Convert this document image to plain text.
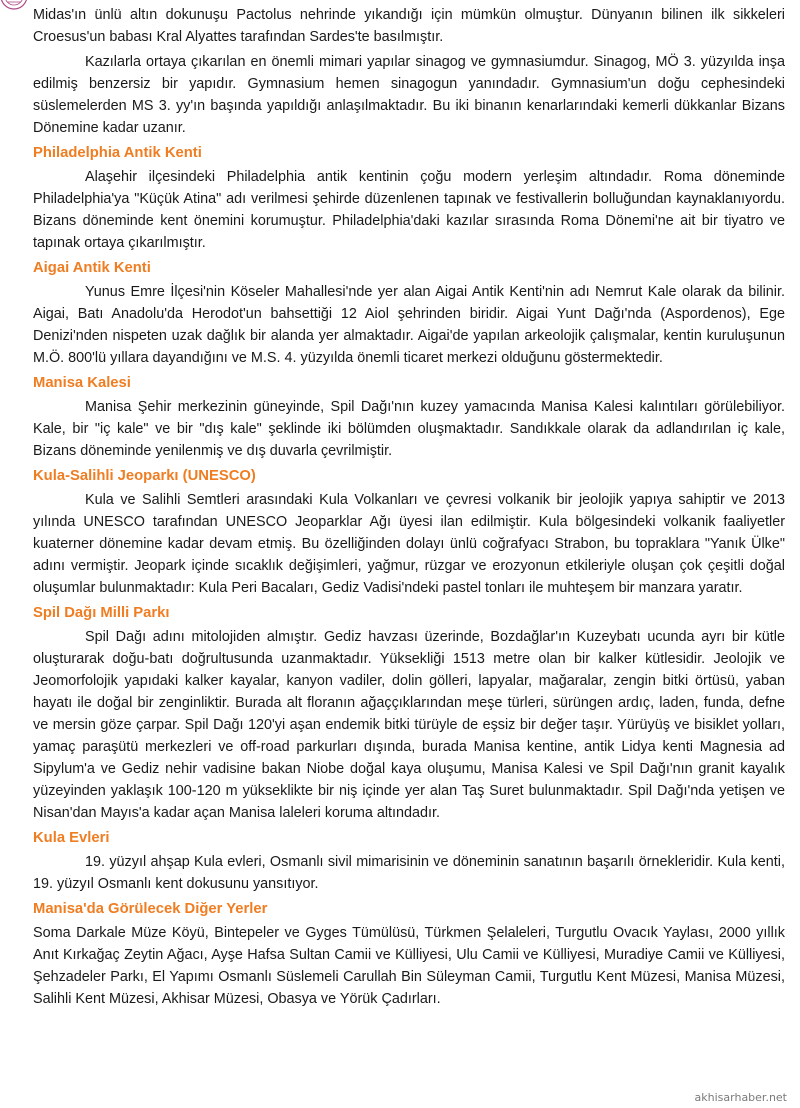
Midas'ın ünlü altın dokunuşu Pactolus nehrinde yıkandığı için mümkün olmuştur. Dünyanın bilinen ilk sikkeleri Croesus'un babası Kral Alyattes tarafından Sardes'te basılmıştır.

Kazılarla ortaya çıkarılan en önemli mimari yapılar sinagog ve gymnasiumdur. Sinagog, MÖ 3. yüzyılda inşa edilmiş benzersiz bir yapıdır. Gymnasium hemen sinagogun yanındadır. Gymnasium'un doğu cephesindeki süslemelerden MS 3. yy'ın başında yapıldığı anlaşılmaktadır. Bu iki binanın kenarlarındaki kemerli dükkanlar Bizans Dönemine kadar uzanır.

Philadelphia Antik Kenti

Alaşehir ilçesindeki Philadelphia antik kentinin çoğu modern yerleşim altındadır. Roma döneminde Philadelphia'ya "Küçük Atina" adı verilmesi şehirde düzenlenen tapınak ve festivallerin bolluğundan kaynaklanıyordu. Bizans döneminde kent önemini korumuştur. Philadelphia'daki kazılar sırasında Roma Dönemi'ne ait bir tiyatro ve tapınak ortaya çıkarılmıştır.

Aigai Antik Kenti

Yunus Emre İlçesi'nin Köseler Mahallesi'nde yer alan Aigai Antik Kenti'nin adı Nemrut Kale olarak da bilinir. Aigai, Batı Anadolu'da Herodot'un bahsettiği 12 Aiol şehrinden biridir. Aigai Yunt Dağı'nda (Aspordenos), Ege Denizi'nden nispeten uzak dağlık bir alanda yer almaktadır. Aigai'de yapılan arkeolojik çalışmalar, kentin kuruluşunun M.Ö. 800'lü yıllara dayandığını ve M.S. 4. yüzyılda önemli ticaret merkezi olduğunu göstermektedir.

Manisa Kalesi

Manisa Şehir merkezinin güneyinde, Spil Dağı'nın kuzey yamacında Manisa Kalesi kalıntıları görülebiliyor. Kale, bir "iç kale" ve bir "dış kale" şeklinde iki bölümden oluşmaktadır. Sandıkkale olarak da adlandırılan iç kale, Bizans döneminde yenilenmiş ve dış duvarla çevrilmiştir.

Kula-Salihli Jeoparkı (UNESCO)

Kula ve Salihli Semtleri arasındaki Kula Volkanları ve çevresi volkanik bir jeolojik yapıya sahiptir ve 2013 yılında UNESCO tarafından UNESCO Jeoparklar Ağı üyesi ilan edilmiştir. Kula bölgesindeki volkanik faaliyetler kuaterner dönemine kadar devam etmiş. Bu özelliğinden dolayı ünlü coğrafyacı Strabon, bu topraklara "Yanık Ülke" adını vermiştir. Jeopark içinde sıcaklık değişimleri, yağmur, rüzgar ve erozyonun etkileriyle oluşan çok çeşitli doğal oluşumlar bulunmaktadır: Kula Peri Bacaları, Gediz Vadisi'ndeki pastel tonları ile muhteşem bir manzara yaratır.

Spil Dağı Milli Parkı

Spil Dağı adını mitolojiden almıştır. Gediz havzası üzerinde, Bozdağlar'ın Kuzeybatı ucunda ayrı bir kütle oluşturarak doğu-batı doğrultusunda uzanmaktadır. Yüksekliği 1513 metre olan bir kalker kütlesidir. Jeolojik ve Jeomorfolojik yapıdaki kalker kayalar, kanyon vadiler, dolin gölleri, lapyalar, mağaralar, zengin bitki örtüsü, yaban hayatı ile doğal bir zenginliktir. Burada alt floranın ağaççıklarından meşe türleri, sürüngen ardıç, laden, funda, defne ve mersin göze çarpar. Spil Dağı 120'yi aşan endemik bitki türüyle de eşsiz bir değer taşır. Yürüyüş ve bisiklet yolları, yamaç paraşütü merkezleri ve off-road parkurları dışında, burada Manisa kentine, antik Lidya kenti Magnesia ad Sipylum'a ve Gediz nehir vadisine bakan Niobe doğal kaya oluşumu, Manisa Kalesi ve Spil Dağı'nın granit kayalık yüzeyinden yaklaşık 100-120 m yükseklikte bir niş içinde yer alan Taş Suret bulunmaktadır. Spil Dağı'nda yetişen ve Nisan'dan Mayıs'a kadar açan Manisa laleleri koruma altındadır.

Kula Evleri

19. yüzyıl ahşap Kula evleri, Osmanlı sivil mimarisinin ve döneminin sanatının başarılı örnekleridir. Kula kenti, 19. yüzyıl Osmanlı kent dokusunu yansıtıyor.

Manisa'da Görülecek Diğer Yerler

Soma Darkale Müze Köyü, Bintepeler ve Gyges Tümülüsü, Türkmen Şelaleleri, Turgutlu Ovacık Yaylası, 2000 yıllık Anıt Kırkağaç Zeytin Ağacı, Ayşe Hafsa Sultan Camii ve Külliyesi, Ulu Camii ve Külliyesi, Muradiye Camii ve Külliyesi, Şehzadeler Parkı, El Yapımı Osmanlı Süslemeli Carullah Bin Süleyman Camii, Turgutlu Kent Müzesi, Manisa Müzesi, Salihli Kent Müzesi, Akhisar Müzesi, Obasya ve Yörük Çadırları.

akhisarhaber.net
